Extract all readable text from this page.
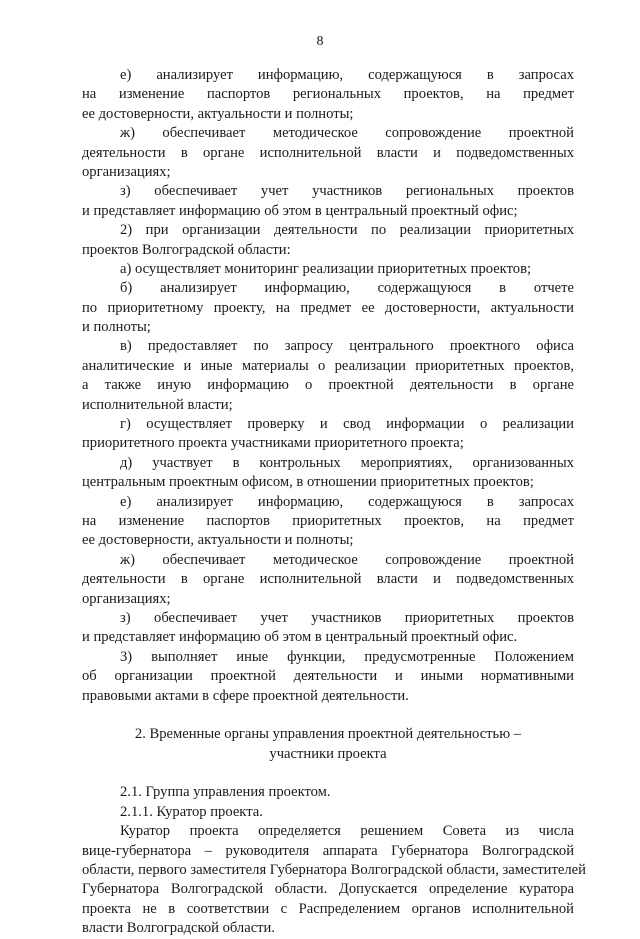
8
е) анализирует информацию, содержащуюся в запросах
на изменение паспортов региональных проектов, на предмет
ее достоверности, актуальности и полноты;
ж) обеспечивает методическое сопровождение проектной
деятельности в органе исполнительной власти и подведомственных
организациях;
з) обеспечивает учет участников региональных проектов
и представляет информацию об этом в центральный проектный офис;
2) при организации деятельности по реализации приоритетных
проектов Волгоградской области:
а) осуществляет мониторинг реализации приоритетных проектов;
б) анализирует информацию, содержащуюся в отчете
по приоритетному проекту, на предмет ее достоверности, актуальности
и полноты;
в) предоставляет по запросу центрального проектного офиса
аналитические и иные материалы о реализации приоритетных проектов,
а также иную информацию о проектной деятельности в органе
исполнительной власти;
г) осуществляет проверку и свод информации о реализации
приоритетного проекта участниками приоритетного проекта;
д) участвует в контрольных мероприятиях, организованных
центральным проектным офисом, в отношении приоритетных проектов;
е) анализирует информацию, содержащуюся в запросах
на изменение паспортов приоритетных проектов, на предмет
ее достоверности, актуальности и полноты;
ж) обеспечивает методическое сопровождение проектной
деятельности в органе исполнительной власти и подведомственных
организациях;
з) обеспечивает учет участников приоритетных проектов
и представляет информацию об этом в центральный проектный офис.
3) выполняет иные функции, предусмотренные Положением
об организации проектной деятельности и иными нормативными
правовыми актами в сфере проектной деятельности.
2. Временные органы управления проектной деятельностью –
участники проекта
2.1. Группа управления проектом.
2.1.1. Куратор проекта.
Куратор проекта определяется решением Совета из числа
вице-губернатора – руководителя аппарата Губернатора Волгоградской
области, первого заместителя Губернатора Волгоградской области, заместителей
Губернатора Волгоградской области. Допускается определение куратора
проекта не в соответствии с Распределением органов исполнительной
власти Волгоградской области.
